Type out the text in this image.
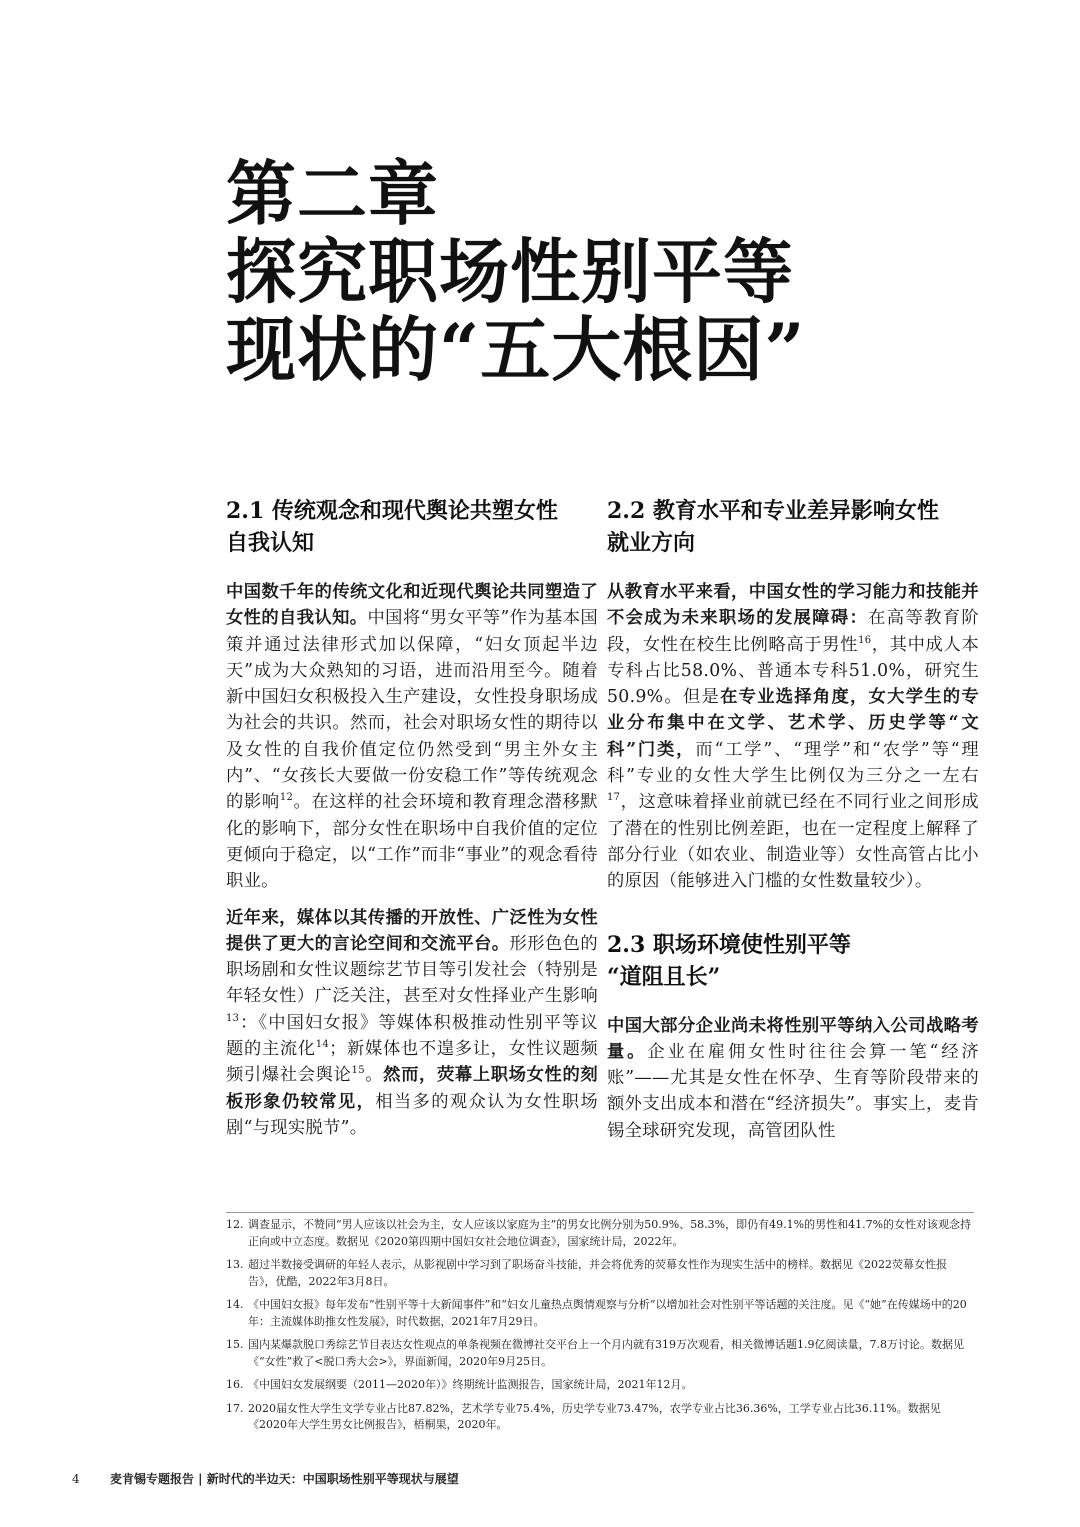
第二章
探究职场性别平等
现状的“五大根因”
2.1 传统观念和现代舆论共塑女性
自我认知

中国数千年的传统文化和近现代舆论共同塑造了女性的自我认知。中国将“男女平等”作为基本国策并通过法律形式加以保障，“妇女顶起半边天”成为大众熟知的习语，进而沿用至今。随着新中国妇女积极投入生产建设，女性投身职场成为社会的共识。然而，社会对职场女性的期待以及女性的自我价值定位仍然受到“男主外女主内”、“女孩长大要做一份安稳工作”等传统观念的影响$^{12}$。在这样的社会环境和教育理念潜移默化的影响下，部分女性在职场中自我价值的定位更倾向于稳定，以“工作”而非“事业”的观念看待职业。

近年来，媒体以其传播的开放性、广泛性为女性提供了更大的言论空间和交流平台。形形色色的职场剧和女性议题综艺节目等引发社会（特别是年轻女性）广泛关注，甚至对女性择业产生影响$^{13}$：《中国妇女报》等媒体积极推动性别平等议题的主流化$^{14}$；新媒体也不遑多让，女性议题频频引爆社会舆论$^{15}$。然而，荧幕上职场女性的刻板形象仍较常见，相当多的观众认为女性职场剧“与现实脱节”。

2.2 教育水平和专业差异影响女性
就业方向

从教育水平来看，中国女性的学习能力和技能并不会成为未来职场的发展障碍：在高等教育阶段，女性在校生比例略高于男性$^{16}$，其中成人本专科占比58.0%、普通本专科51.0%，研究生50.9%。但是在专业选择角度，女大学生的专业分布集中在文学、艺术学、历史学等“文科”门类，而“工学”、“理学”和“农学”等“理科”专业的女性大学生比例仅为三分之一左右$^{17}$，这意味着择业前就已经在不同行业之间形成了潜在的性别比例差距，也在一定程度上解释了部分行业（如农业、制造业等）女性高管占比小的原因（能够进入门槛的女性数量较少）。

2.3 职场环境使性别平等
“道阻且长”

中国大部分企业尚未将性别平等纳入公司战略考量。企业在雇佣女性时往往会算一笔“经济账”——尤其是女性在怀孕、生育等阶段带来的额外支出成本和潜在“经济损失”。事实上，麦肯锡全球研究发现，高管团队性

12. 调查显示，不赞同“男人应该以社会为主，女人应该以家庭为主”的男女比例分别为50.9%、58.3%，即仍有49.1%的男性和41.7%的女性对该观念持正向或中立态度。数据见《2020第四期中国妇女社会地位调查》，国家统计局，2022年。
13. 超过半数接受调研的年轻人表示，从影视剧中学习到了职场奋斗技能，并会将优秀的荧幕女性作为现实生活中的榜样。数据见《2022荧幕女性报告》，优酷，2022年3月8日。
14. 《中国妇女报》每年发布“性别平等十大新闻事件”和“妇女儿童热点舆情观察与分析”以增加社会对性别平等话题的关注度。见《“她”在传媒场中的20年：主流媒体助推女性发展》，时代数据，2021年7月29日。
15. 国内某爆款脱口秀综艺节目表达女性观点的单条视频在微博社交平台上一个月内就有319万次观看，相关微博话题1.9亿阅读量，7.8万讨论。数据见《“女性”救了<脱口秀大会>》，界面新闻，2020年9月25日。
16. 《中国妇女发展纲要（2011—2020年）》终期统计监测报告，国家统计局，2021年12月。
17. 2020届女性大学生文学专业占比87.82%，艺术学专业75.4%，历史学专业73.47%，农学专业占比36.36%，工学专业占比36.11%。数据见《2020年大学生男女比例报告》，梧桐果，2020年。
4	麦肯锡专题报告 | 新时代的半边天：中国职场性别平等现状与展望
